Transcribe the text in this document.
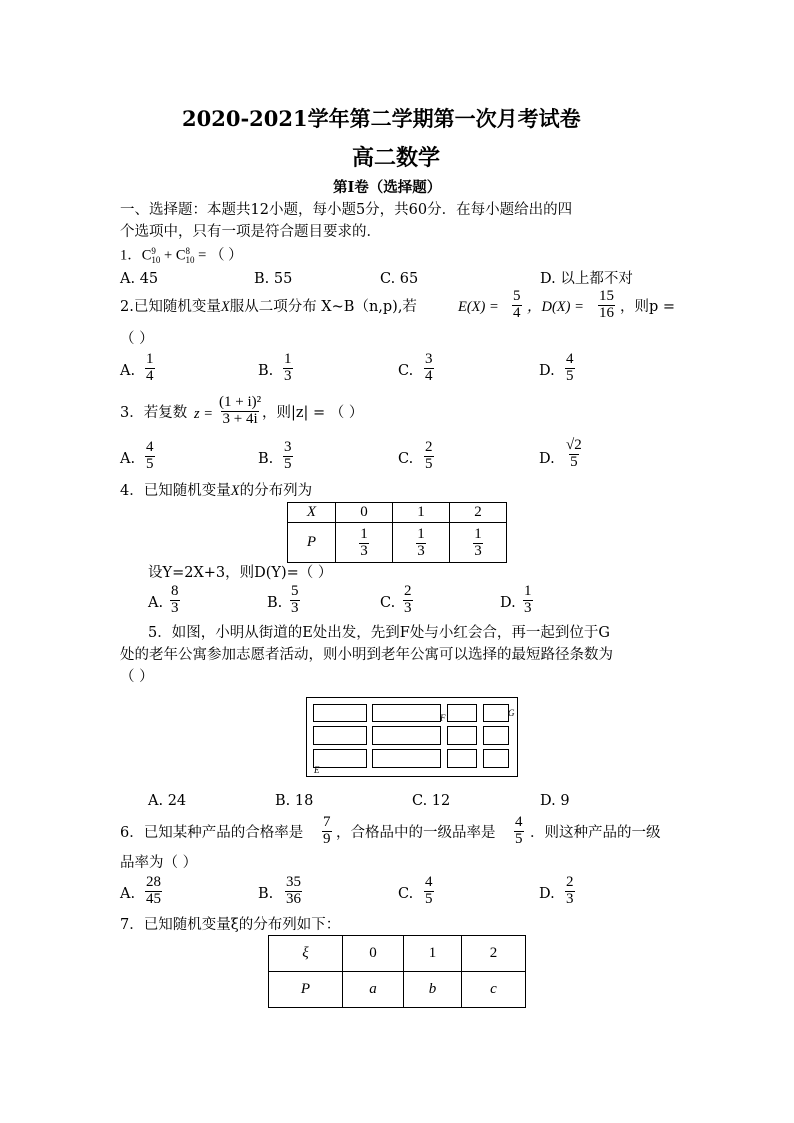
2020-2021学年第二学期第一次月考试卷
高二数学
第Ⅰ卷（选择题）
一、选择题：本题共12小题，每小题5分，共60分．在每小题给出的四
个选项中，只有一项是符合题目要求的．
1．C 9
10 + C 8
10 = （ ）
A. 45	B. 55	C. 65	D. 以上都不对
2.已知随机变量X服从二项分布 X~B（n,p),若	$E(X) = \frac{5}{4}$ ，$D(X) = \frac{15}{16}$ ，则p =
（ ）
A. $\frac{1}{4}$	B. $\frac{1}{3}$	C. $\frac{3}{4}$	D. $\frac{4}{5}$
3．若复数 $z = \frac{\text{(1 + i)²}}{3 + 4i}$ ，则|z| = （ ）
A. $\frac{4}{5}$	B. $\frac{3}{5}$	C. $\frac{2}{5}$	D. $\frac{√2}{5}$
4．已知随机变量X的分布列为
X	0	1	2
P	$\frac{1}{3}$	$\frac{1}{3}$	$\frac{1}{3}$
设Y=2X+3，则D(Y)=（ ）
A. $\frac{8}{3}$	B. $\frac{5}{3}$	C. $\frac{2}{3}$	D. $\frac{1}{3}$
5．如图，小明从街道的E处出发，先到F处与小红会合，再一起到位于G
处的老年公寓参加志愿者活动，则小明到老年公寓可以选择的最短路径条数为
（ ）
F	G
E
A. 24	B. 18	C. 12	D. 9
6．已知某种产品的合格率是 $\frac{7}{9}$ ，合格品中的一级品率是 $\frac{4}{5}$ ．则这种产品的一级
品率为（ ）
A. $\frac{28}{45}$	B. $\frac{35}{36}$	C. $\frac{4}{5}$	D. $\frac{2}{3}$
7．已知随机变量ξ的分布列如下：
ξ	0	1	2
P	a	b	c
